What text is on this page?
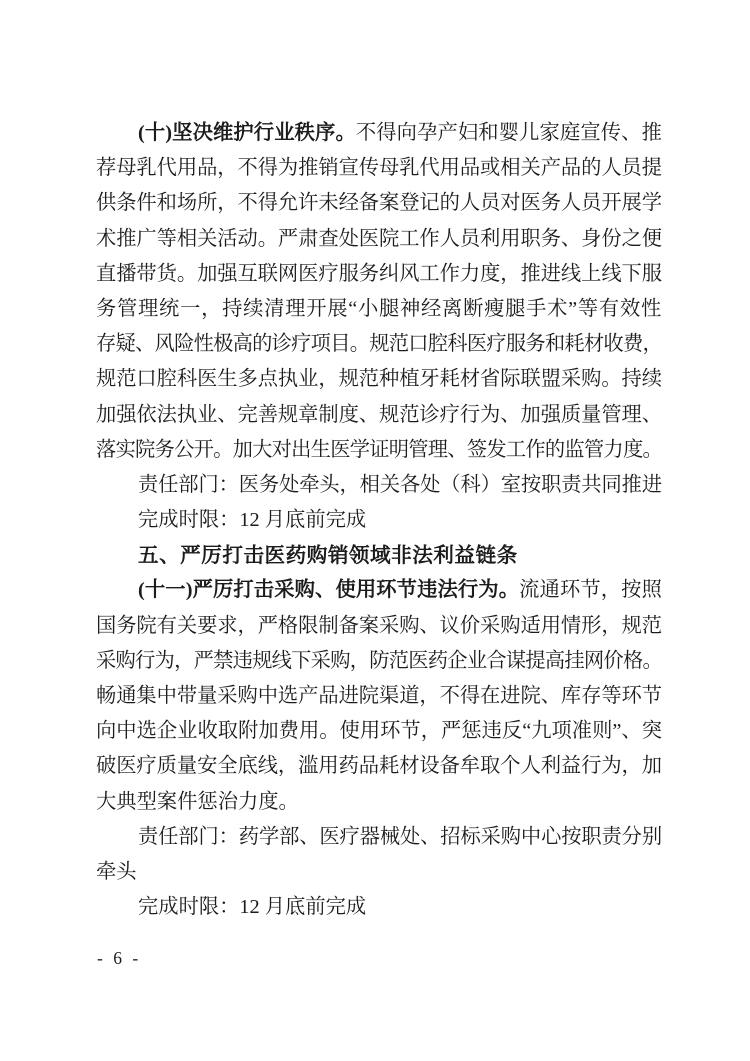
(十)坚决维护行业秩序。不得向孕产妇和婴儿家庭宣传、推
荐母乳代用品，不得为推销宣传母乳代用品或相关产品的人员提
供条件和场所，不得允许未经备案登记的人员对医务人员开展学
术推广等相关活动。严肃查处医院工作人员利用职务、身份之便
直播带货。加强互联网医疗服务纠风工作力度，推进线上线下服
务管理统一，持续清理开展“小腿神经离断瘦腿手术”等有效性
存疑、风险性极高的诊疗项目。规范口腔科医疗服务和耗材收费，
规范口腔科医生多点执业，规范种植牙耗材省际联盟采购。持续
加强依法执业、完善规章制度、规范诊疗行为、加强质量管理、
落实院务公开。加大对出生医学证明管理、签发工作的监管力度。
责任部门：医务处牵头，相关各处（科）室按职责共同推进
完成时限：12 月底前完成
五、严厉打击医药购销领域非法利益链条
(十一)严厉打击采购、使用环节违法行为。流通环节，按照
国务院有关要求，严格限制备案采购、议价采购适用情形，规范
采购行为，严禁违规线下采购，防范医药企业合谋提高挂网价格。
畅通集中带量采购中选产品进院渠道，不得在进院、库存等环节
向中选企业收取附加费用。使用环节，严惩违反“九项准则”、突
破医疗质量安全底线，滥用药品耗材设备牟取个人利益行为，加
大典型案件惩治力度。
责任部门：药学部、医疗器械处、招标采购中心按职责分别
牵头
完成时限：12 月底前完成
- 6 -
